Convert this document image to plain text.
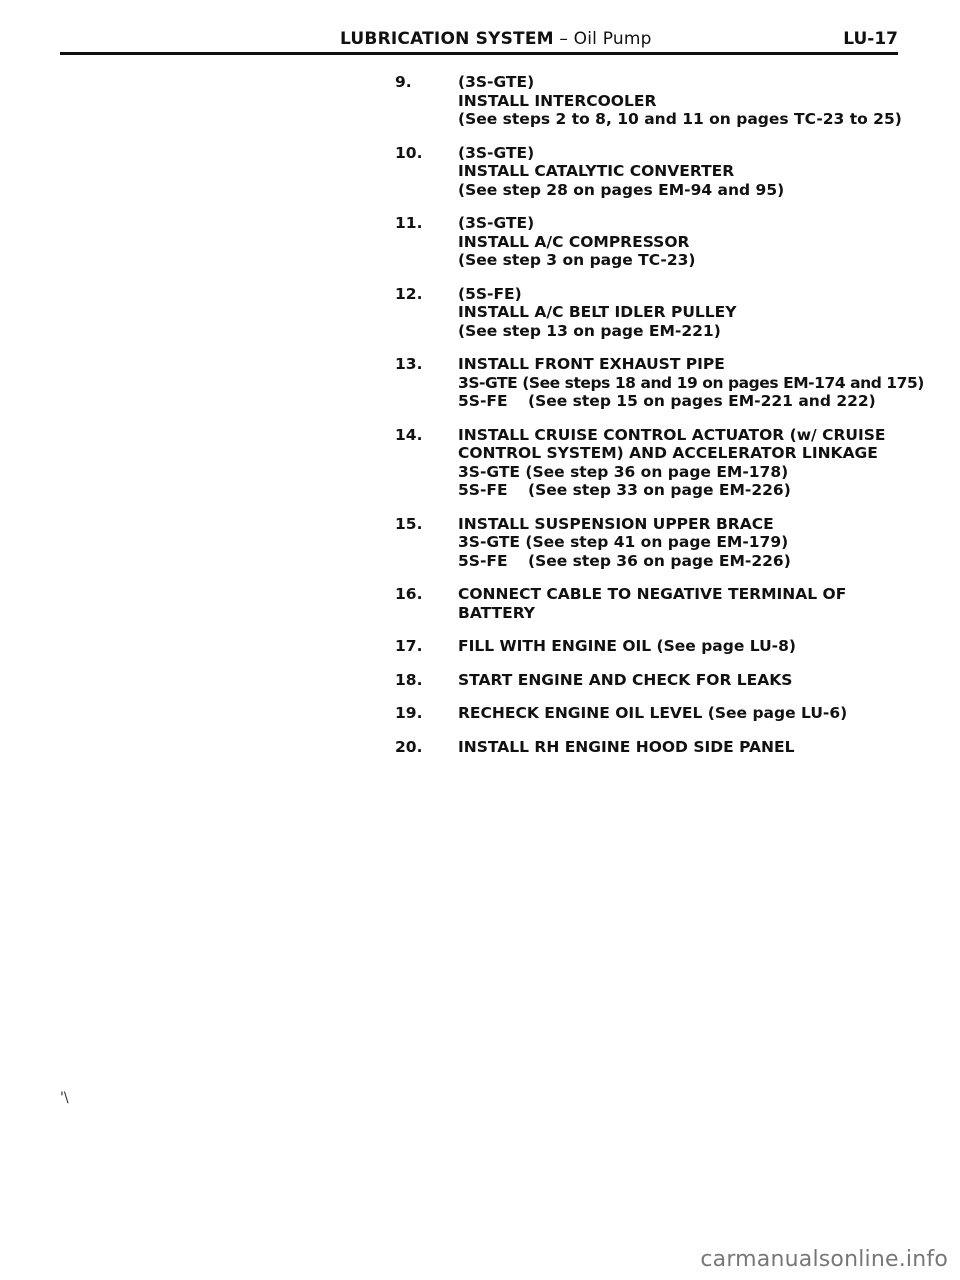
LUBRICATION SYSTEM – Oil Pump	LU-17
9.	(3S-GTE)
INSTALL INTERCOOLER
(See steps 2 to 8, 10 and 11 on pages TC-23 to 25)
10.	(3S-GTE)
INSTALL CATALYTIC CONVERTER
(See step 28 on pages EM-94 and 95)
11.	(3S-GTE)
INSTALL A/C COMPRESSOR
(See step 3 on page TC-23)
12.	(5S-FE)
INSTALL A/C BELT IDLER PULLEY
(See step 13 on page EM-221)
13.	INSTALL FRONT EXHAUST PIPE
3S-GTE (See steps 18 and 19 on pages EM-174 and 175)
5S-FE (See step 15 on pages EM-221 and 222)
14.	INSTALL CRUISE CONTROL ACTUATOR (w/ CRUISE
CONTROL SYSTEM) AND ACCELERATOR LINKAGE
3S-GTE (See step 36 on page EM-178)
5S-FE (See step 33 on page EM-226)
15.	INSTALL SUSPENSION UPPER BRACE
3S-GTE (See step 41 on page EM-179)
5S-FE (See step 36 on page EM-226)
16.	CONNECT CABLE TO NEGATIVE TERMINAL OF
BATTERY
17.	FILL WITH ENGINE OIL (See page LU-8)
18.	START ENGINE AND CHECK FOR LEAKS
19.	RECHECK ENGINE OIL LEVEL (See page LU-6)
20.	INSTALL RH ENGINE HOOD SIDE PANEL
'\
carmanualsonline.info
